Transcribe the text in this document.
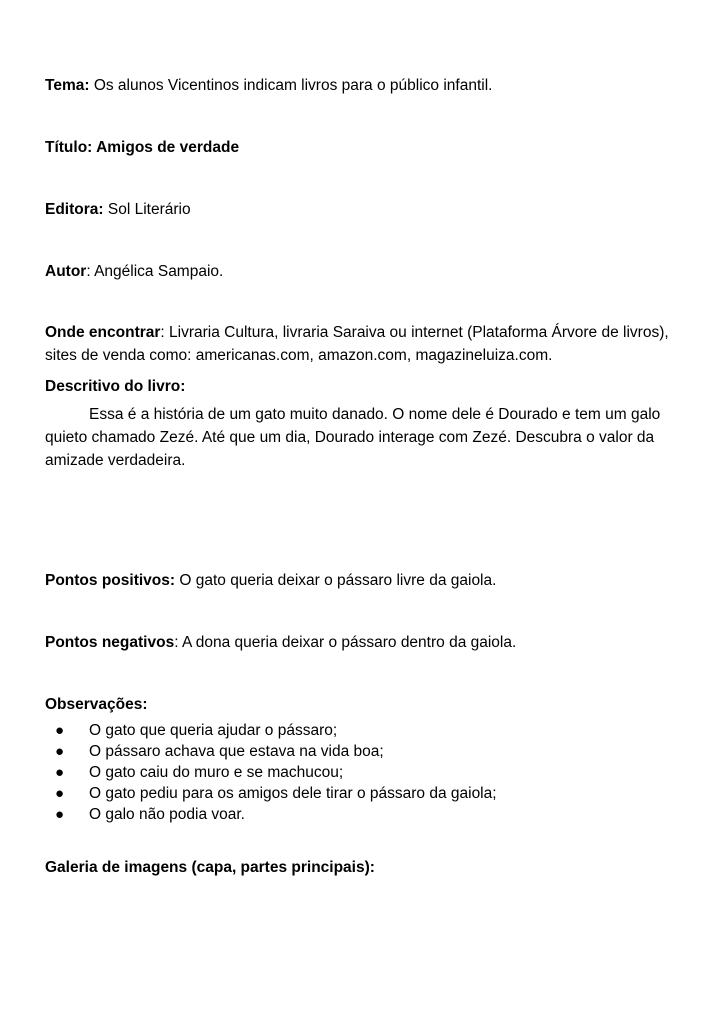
Tema: Os alunos Vicentinos indicam livros para o público infantil.

Título: Amigos de verdade

Editora: Sol Literário

Autor: Angélica Sampaio.

Onde encontrar: Livraria Cultura, livraria Saraiva ou internet (Plataforma Árvore de livros), sites de venda como: americanas.com, amazon.com, magazineluiza.com.

Descritivo do livro:

Essa é a história de um gato muito danado. O nome dele é Dourado e tem um galo quieto chamado Zezé. Até que um dia, Dourado interage com Zezé. Descubra o valor da amizade verdadeira.

Pontos positivos: O gato queria deixar o pássaro livre da gaiola.

Pontos negativos: A dona queria deixar o pássaro dentro da gaiola.

Observações:

● O gato que queria ajudar o pássaro;
● O pássaro achava que estava na vida boa;
● O gato caiu do muro e se machucou;
● O gato pediu para os amigos dele tirar o pássaro da gaiola;
● O galo não podia voar.

Galeria de imagens (capa, partes principais):
